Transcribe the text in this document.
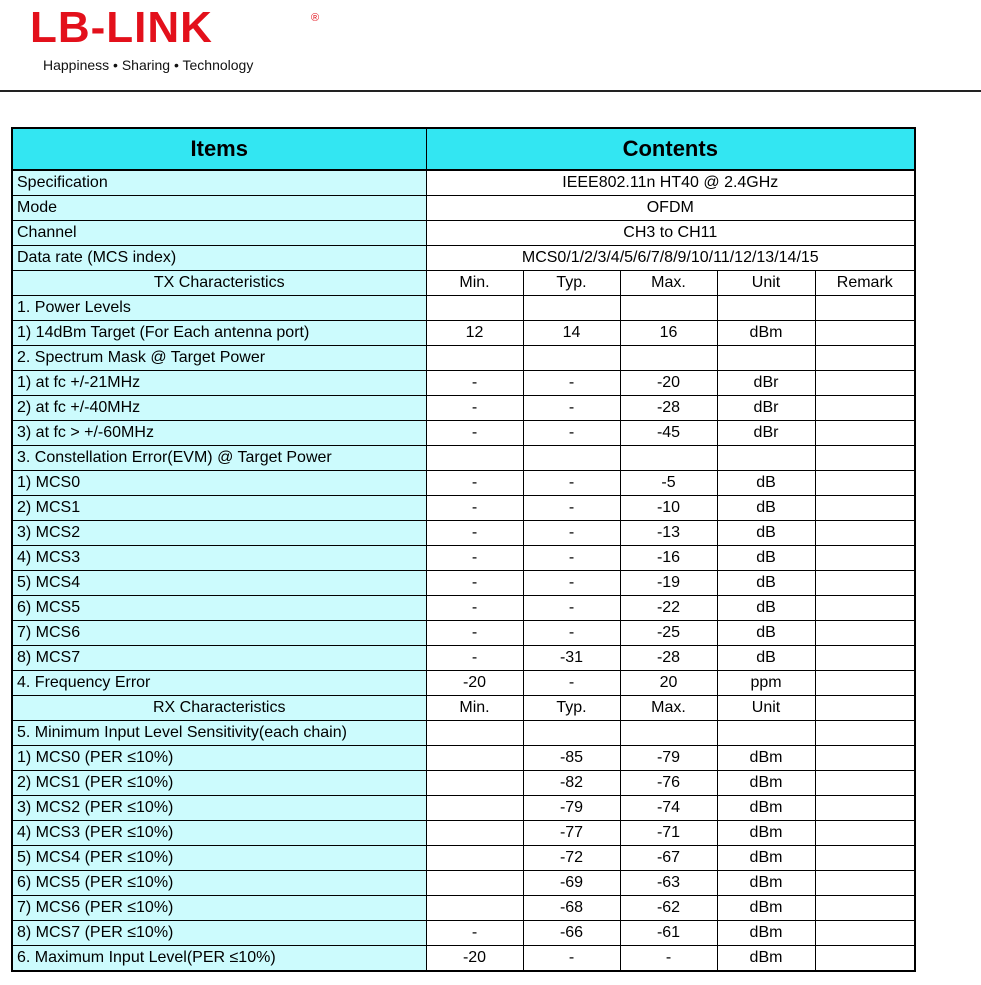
LB-LINK	®
Happiness • Sharing • Technology
Items	Contents				
Specification	IEEE802.11n HT40 @ 2.4GHz				
Mode	OFDM				
Channel	CH3 to CH11				
Data rate (MCS index)	MCS0/1/2/3/4/5/6/7/8/9/10/11/12/13/14/15				
TX Characteristics	Min.	Typ.	Max.	Unit	Remark
1. Power Levels					
1) 14dBm Target (For Each antenna port)	12	14	16	dBm	
2. Spectrum Mask @ Target Power					
1) at fc +/-21MHz	-	-	-20	dBr	
2) at fc +/-40MHz	-	-	-28	dBr	
3) at fc > +/-60MHz	-	-	-45	dBr	
3. Constellation Error(EVM) @ Target Power					
1) MCS0	-	-	-5	dB	
2) MCS1	-	-	-10	dB	
3) MCS2	-	-	-13	dB	
4) MCS3	-	-	-16	dB	
5) MCS4	-	-	-19	dB	
6) MCS5	-	-	-22	dB	
7) MCS6	-	-	-25	dB	
8) MCS7	-	-31	-28	dB	
4. Frequency Error	-20	-	20	ppm	
RX Characteristics	Min.	Typ.	Max.	Unit	
5. Minimum Input Level Sensitivity(each chain)					
1) MCS0 (PER ≤10%)		-85	-79	dBm	
2) MCS1 (PER ≤10%)		-82	-76	dBm	
3) MCS2 (PER ≤10%)		-79	-74	dBm	
4) MCS3 (PER ≤10%)		-77	-71	dBm	
5) MCS4 (PER ≤10%)		-72	-67	dBm	
6) MCS5 (PER ≤10%)		-69	-63	dBm	
7) MCS6 (PER ≤10%)		-68	-62	dBm	
8) MCS7 (PER ≤10%)	-	-66	-61	dBm	
6. Maximum Input Level(PER ≤10%)	-20	-	-	dBm	
